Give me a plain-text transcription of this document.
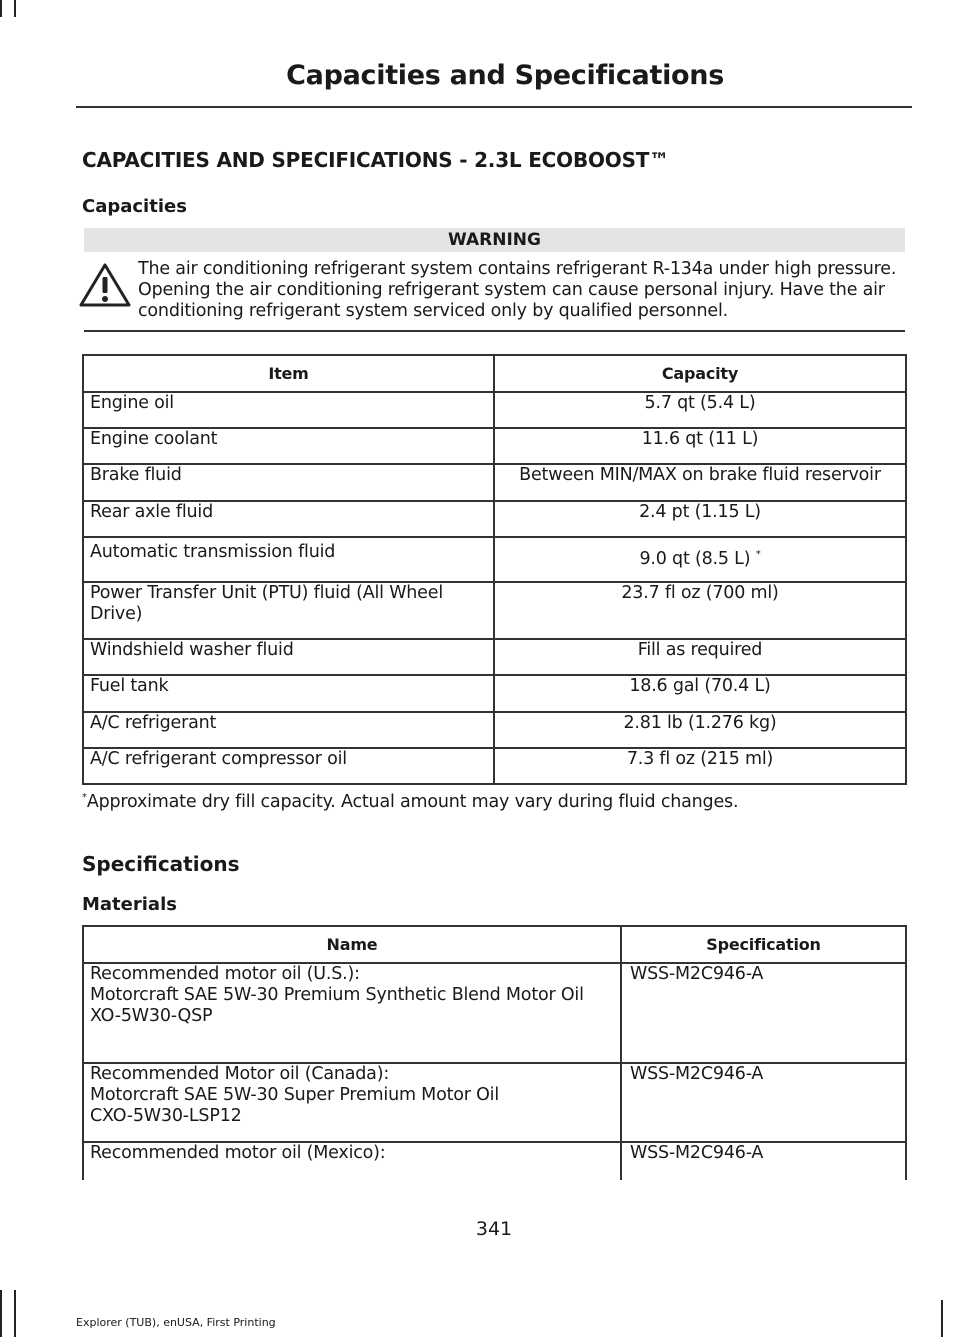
Capacities and Specifications
CAPACITIES AND SPECIFICATIONS - 2.3L ECOBOOST™
Capacities
WARNING
The air conditioning refrigerant system contains refrigerant R-134a under high pressure. Opening the air conditioning refrigerant system can cause personal injury. Have the air conditioning refrigerant system serviced only by qualified personnel.
Item	Capacity
Engine oil	5.7 qt (5.4 L)
Engine coolant	11.6 qt (11 L)
Brake fluid	Between MIN/MAX on brake fluid reservoir
Rear axle fluid	2.4 pt (1.15 L)
Automatic transmission fluid	9.0 qt (8.5 L) *
Power Transfer Unit (PTU) fluid (All Wheel Drive)	23.7 fl oz (700 ml)
Windshield washer fluid	Fill as required
Fuel tank	18.6 gal (70.4 L)
A/C refrigerant	2.81 lb (1.276 kg)
A/C refrigerant compressor oil	7.3 fl oz (215 ml)
*Approximate dry fill capacity. Actual amount may vary during fluid changes.
Specifications
Materials
Name	Specification

Recommended motor oil (U.S.):
Motorcraft SAE 5W-30 Premium Synthetic Blend Motor Oil
XO-5W30-QSP	WSS-M2C946-A

Recommended Motor oil (Canada):
Motorcraft SAE 5W-30 Super Premium Motor Oil
CXO-5W30-LSP12	WSS-M2C946-A

Recommended motor oil (Mexico):	WSS-M2C946-A
341
Explorer (TUB), enUSA, First Printing
